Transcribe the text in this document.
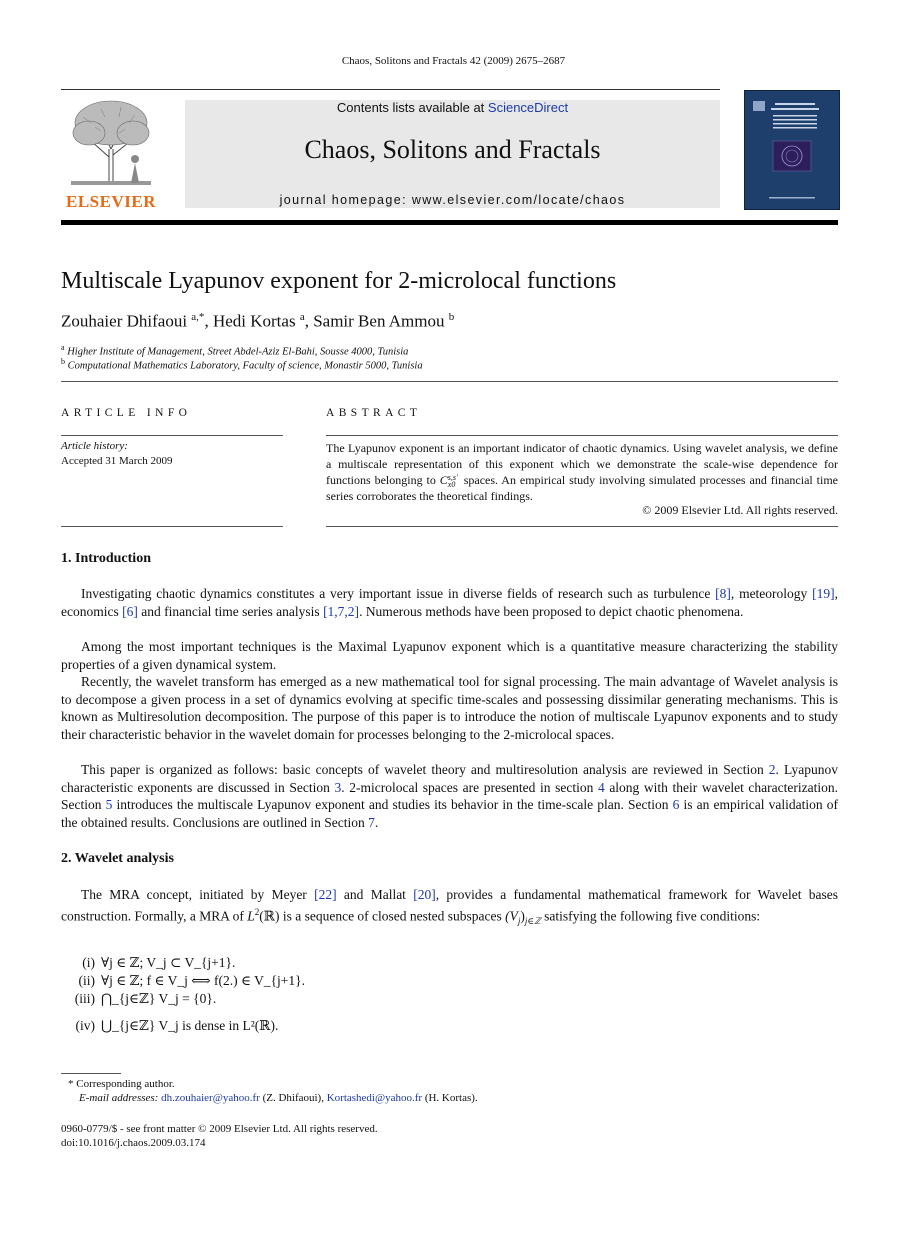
Chaos, Solitons and Fractals 42 (2009) 2675–2687
ELSEVIER
Contents lists available at ScienceDirect
Chaos, Solitons and Fractals
journal homepage: www.elsevier.com/locate/chaos
Multiscale Lyapunov exponent for 2-microlocal functions
Zouhaier Dhifaoui $^{a,*}$, Hedi Kortas $^a$, Samir Ben Ammou $^b$
$^a$ Higher Institute of Management, Street Abdel-Aziz El-Bahi, Sousse 4000, Tunisia
$^b$ Computational Mathematics Laboratory, Faculty of science, Monastir 5000, Tunisia
ARTICLE INFO
Article history:
Accepted 31 March 2009
ABSTRACT
The Lyapunov exponent is an important indicator of chaotic dynamics. Using wavelet analysis, we define a multiscale representation of this exponent which we demonstrate the scale-wise dependence for functions belonging to Cs,s′
x0 spaces. An empirical study involving simulated processes and financial time series corroborates the theoretical findings.
© 2009 Elsevier Ltd. All rights reserved.
1. Introduction
Investigating chaotic dynamics constitutes a very important issue in diverse fields of research such as turbulence [8], meteorology [19], economics [6] and financial time series analysis [1,7,2]. Numerous methods have been proposed to depict chaotic phenomena.
Among the most important techniques is the Maximal Lyapunov exponent which is a quantitative measure characterizing the stability properties of a given dynamical system.
Recently, the wavelet transform has emerged as a new mathematical tool for signal processing. The main advantage of Wavelet analysis is to decompose a given process in a set of dynamics evolving at specific time-scales and possessing dissimilar generating mechanisms. This is known as Multiresolution decomposition. The purpose of this paper is to introduce the notion of multiscale Lyapunov exponents and to study their characteristic behavior in the wavelet domain for processes belonging to the 2-microlocal spaces.
This paper is organized as follows: basic concepts of wavelet theory and multiresolution analysis are reviewed in Section 2. Lyapunov characteristic exponents are discussed in Section 3. 2-microlocal spaces are presented in section 4 along with their wavelet characterization. Section 5 introduces the multiscale Lyapunov exponent and studies its behavior in the time-scale plan. Section 6 is an empirical validation of the obtained results. Conclusions are outlined in Section 7.
2. Wavelet analysis
The MRA concept, initiated by Meyer [22] and Mallat [20], provides a fundamental mathematical framework for Wavelet bases construction. Formally, a MRA of $L^2(ℝ)$ is a sequence of closed nested subspaces $(V_j)_{j\in ℤ}$ satisfying the following five conditions:
(i) ∀j ∈ ℤ; V_j ⊂ V_{j+1}.
(ii) ∀j ∈ ℤ; f ∈ V_j ⟺ f(2.) ∈ V_{j+1}.
(iii) ⋂_{j∈ℤ} V_j = {0}.
(iv) ⋃_{j∈ℤ} V_j is dense in L²(ℝ).
* Corresponding author.
E-mail addresses: dh.zouhaier@yahoo.fr (Z. Dhifaoui), Kortashedi@yahoo.fr (H. Kortas).
0960-0779/$ - see front matter © 2009 Elsevier Ltd. All rights reserved.
doi:10.1016/j.chaos.2009.03.174
